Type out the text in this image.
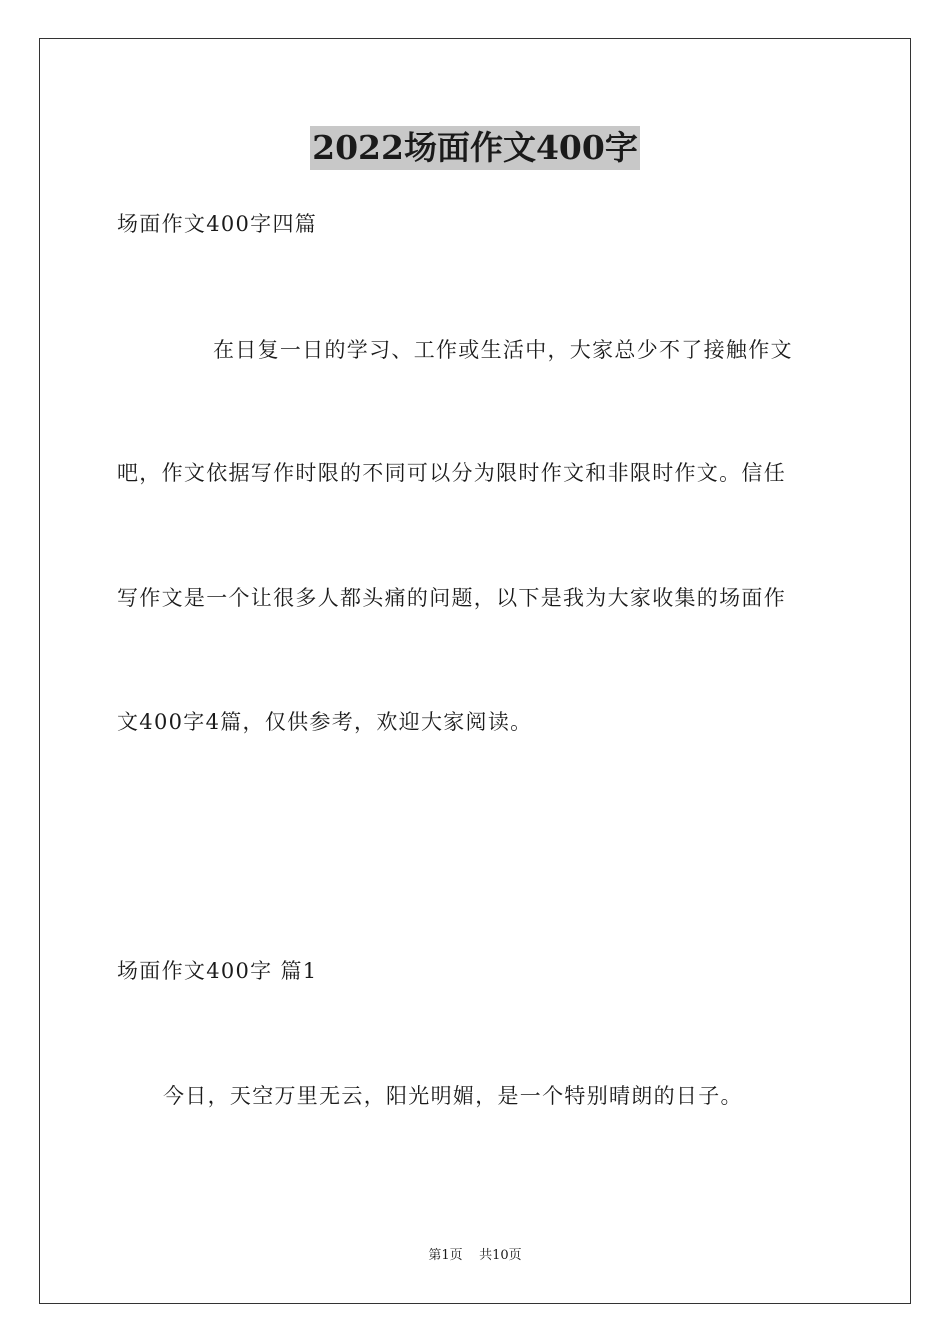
2022场面作文400字
场面作文400字四篇
在日复一日的学习、工作或生活中，大家总少不了接触作文
吧，作文依据写作时限的不同可以分为限时作文和非限时作文。信任
写作文是一个让很多人都头痛的问题，以下是我为大家收集的场面作
文400字4篇，仅供参考，欢迎大家阅读。
场面作文400字 篇1
今日，天空万里无云，阳光明媚，是一个特别晴朗的日子。
第1页    共10页
